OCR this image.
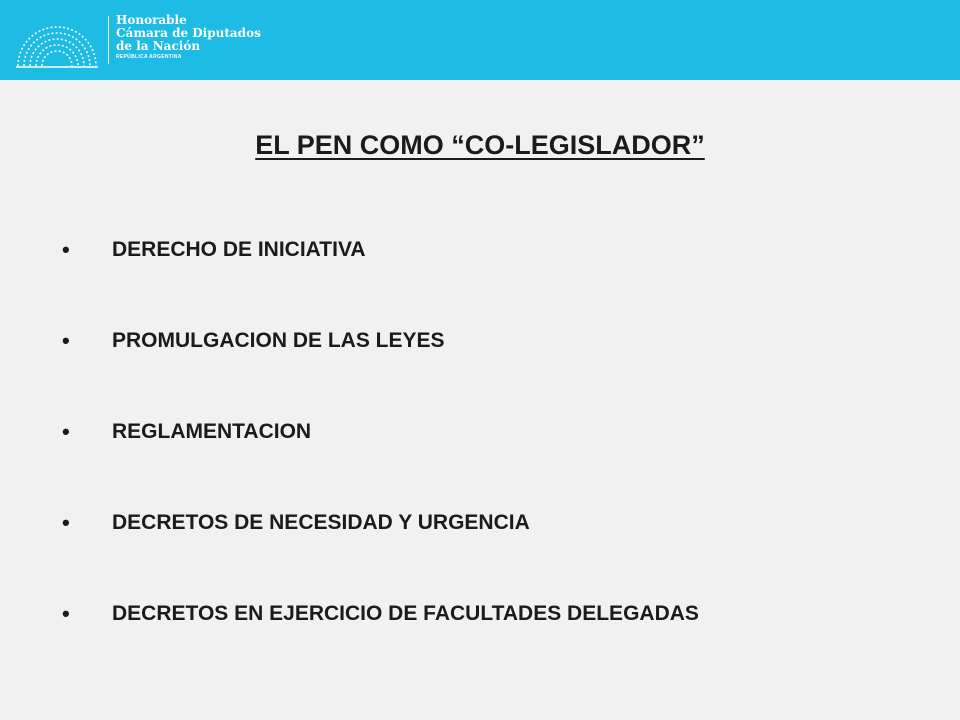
Honorable
Cámara de Diputados
de la Nación
REPÚBLICA ARGENTINA
EL PEN COMO “CO-LEGISLADOR”
• DERECHO DE INICIATIVA
• PROMULGACION DE LAS LEYES
• REGLAMENTACION
• DECRETOS DE NECESIDAD Y URGENCIA
• DECRETOS EN EJERCICIO DE FACULTADES DELEGADAS
